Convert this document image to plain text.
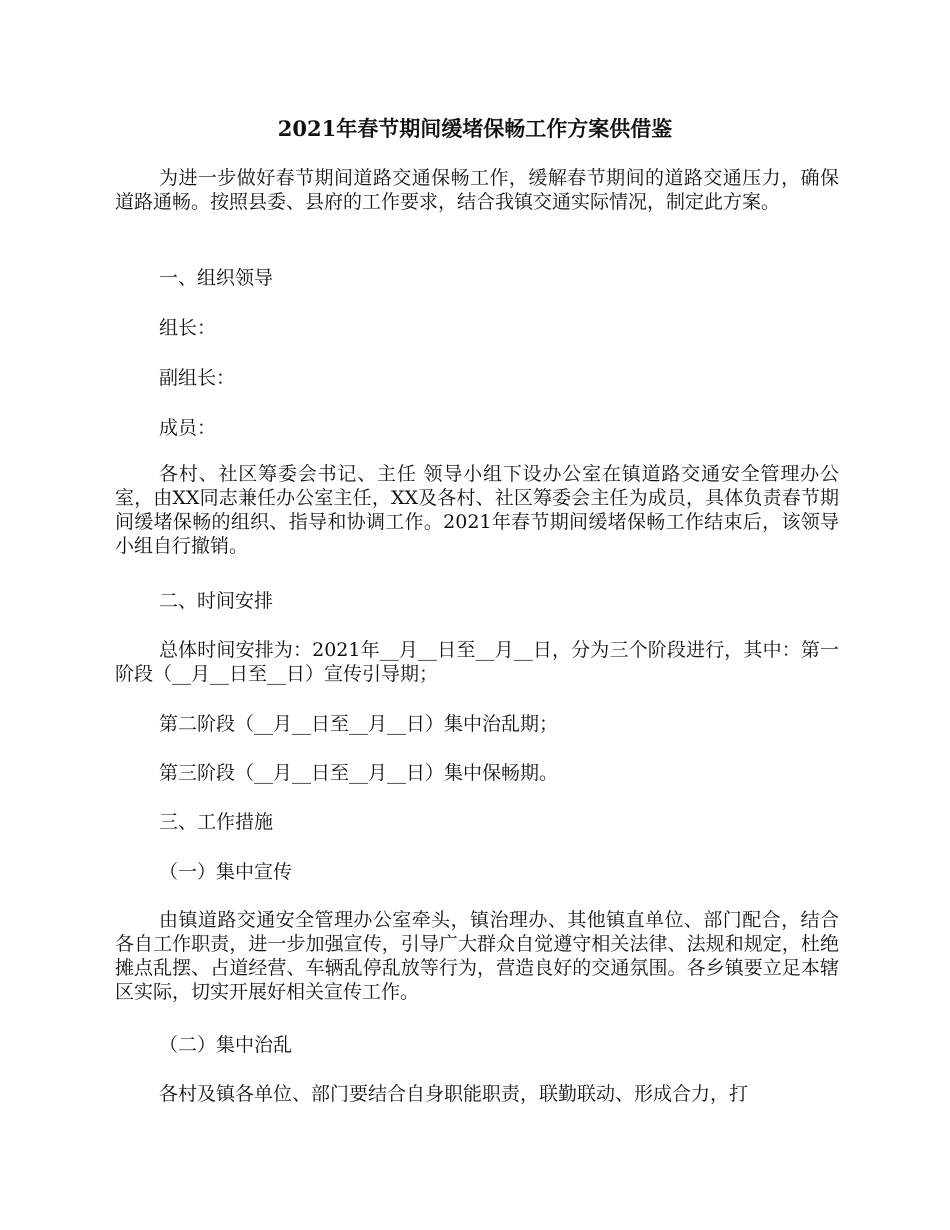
2021年春节期间缓堵保畅工作方案供借鉴
为进一步做好春节期间道路交通保畅工作，缓解春节期间的道路交通压力，确保道路通畅。按照县委、县府的工作要求，结合我镇交通实际情况，制定此方案。
一、组织领导
组长：
副组长：
成员：
各村、社区筹委会书记、主任 领导小组下设办公室在镇道路交通安全管理办公室，由XX同志兼任办公室主任，XX及各村、社区筹委会主任为成员，具体负责春节期间缓堵保畅的组织、指导和协调工作。2021年春节期间缓堵保畅工作结束后，该领导小组自行撤销。
二、时间安排
总体时间安排为：2021年__月__日至__月__日，分为三个阶段进行，其中：第一阶段（__月__日至__日）宣传引导期；
第二阶段（__月__日至__月__日）集中治乱期；
第三阶段（__月__日至__月__日）集中保畅期。
三、工作措施
（一）集中宣传
由镇道路交通安全管理办公室牵头，镇治理办、其他镇直单位、部门配合，结合各自工作职责，进一步加强宣传，引导广大群众自觉遵守相关法律、法规和规定，杜绝摊点乱摆、占道经营、车辆乱停乱放等行为，营造良好的交通氛围。各乡镇要立足本辖区实际，切实开展好相关宣传工作。
（二）集中治乱
各村及镇各单位、部门要结合自身职能职责，联勤联动、形成合力，打
